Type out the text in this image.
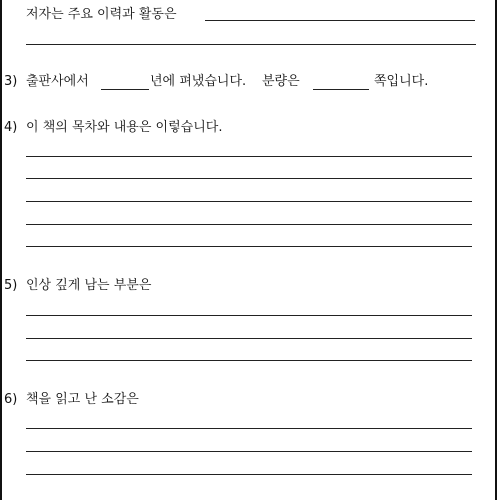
저자는 주요 이력과 활동은
3) 출판사에서	년에 펴냈습니다. 분량은	쪽입니다.
4) 이 책의 목차와 내용은 이렇습니다.
5) 인상 깊게 남는 부분은
6) 책을 읽고 난 소감은
